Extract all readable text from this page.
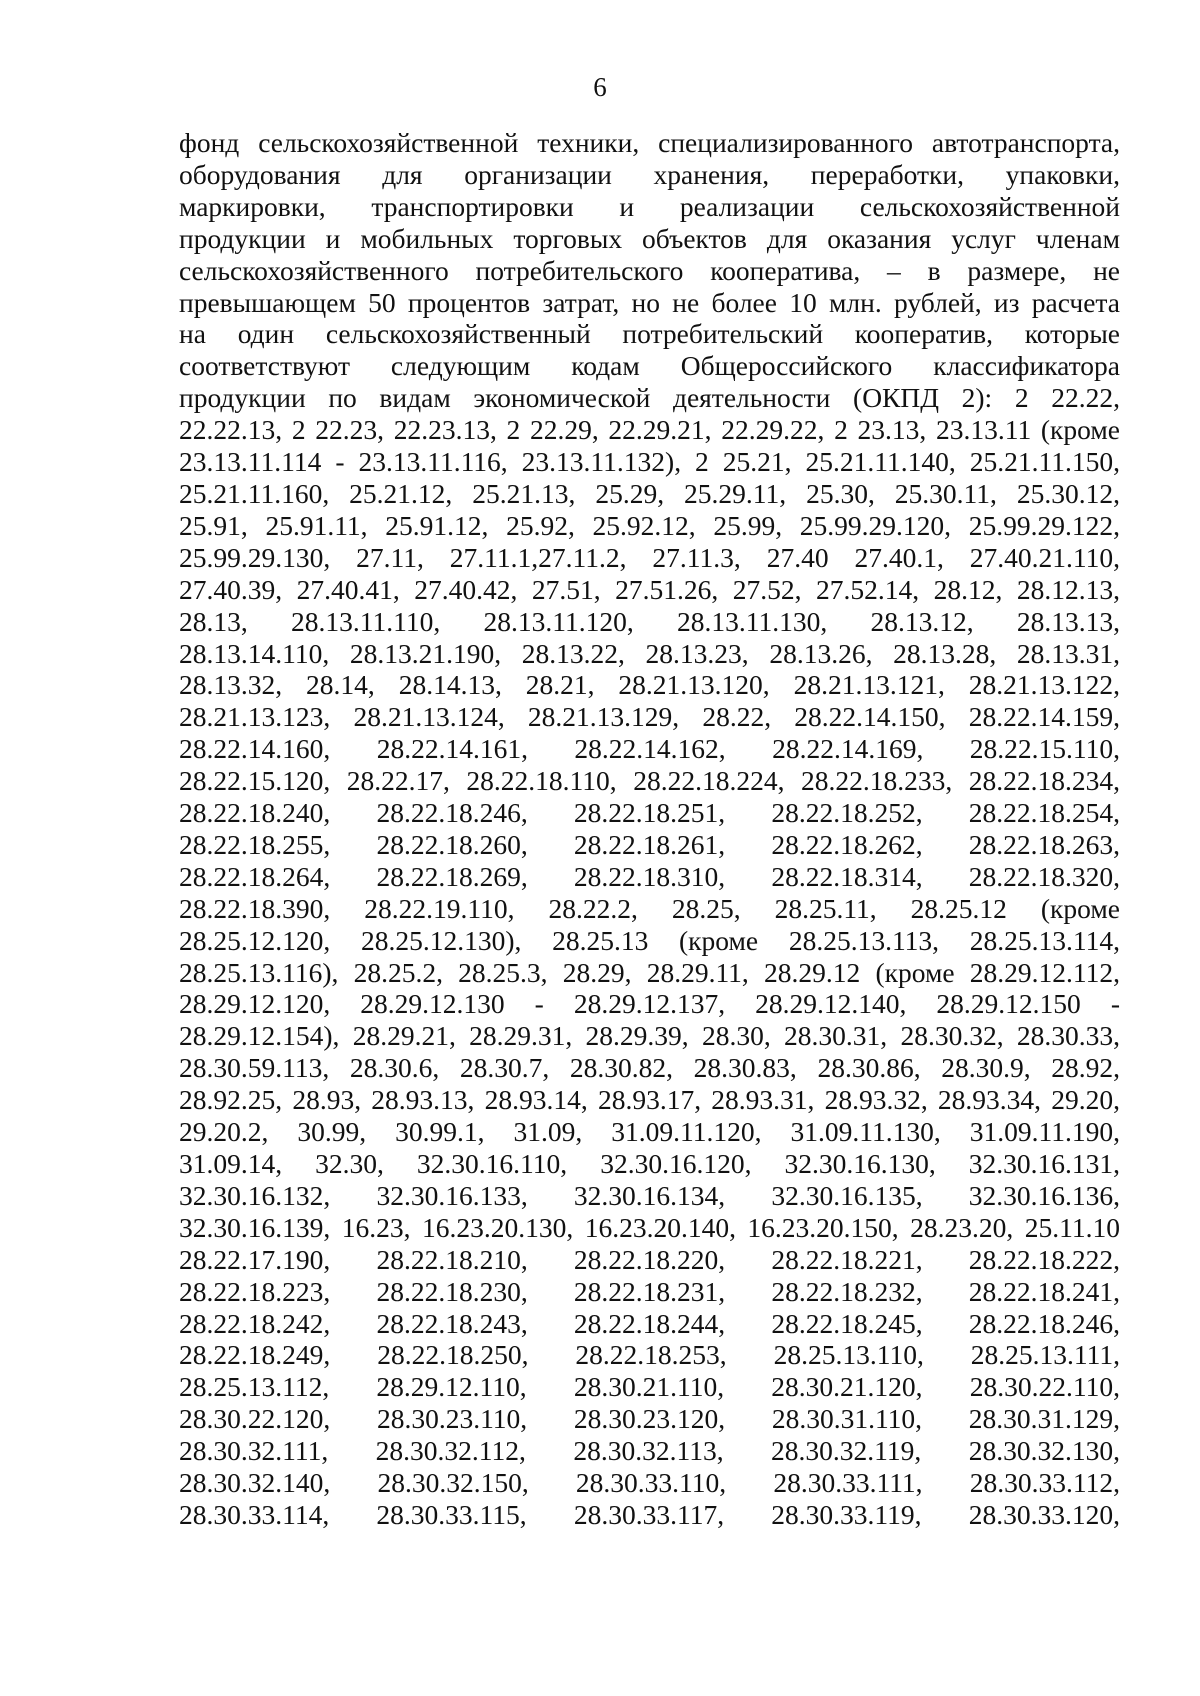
6
фонд сельскохозяйственной техники, специализированного автотранспорта,
оборудования для организации хранения, переработки, упаковки,
маркировки, транспортировки и реализации сельскохозяйственной
продукции и мобильных торговых объектов для оказания услуг членам
сельскохозяйственного потребительского кооператива, – в размере, не
превышающем 50 процентов затрат, но не более 10 млн. рублей, из расчета
на один сельскохозяйственный потребительский кооператив, которые
соответствуют следующим кодам Общероссийского классификатора
продукции по видам экономической деятельности (ОКПД 2): 2 22.22,
22.22.13, 2 22.23, 22.23.13, 2 22.29, 22.29.21, 22.29.22, 2 23.13, 23.13.11 (кроме
23.13.11.114 - 23.13.11.116, 23.13.11.132), 2 25.21, 25.21.11.140, 25.21.11.150,
25.21.11.160, 25.21.12, 25.21.13, 25.29, 25.29.11, 25.30, 25.30.11, 25.30.12,
25.91, 25.91.11, 25.91.12, 25.92, 25.92.12, 25.99, 25.99.29.120, 25.99.29.122,
25.99.29.130, 27.11, 27.11.1,27.11.2, 27.11.3, 27.40 27.40.1, 27.40.21.110,
27.40.39, 27.40.41, 27.40.42, 27.51, 27.51.26, 27.52, 27.52.14, 28.12, 28.12.13,
28.13, 28.13.11.110, 28.13.11.120, 28.13.11.130, 28.13.12, 28.13.13,
28.13.14.110, 28.13.21.190, 28.13.22, 28.13.23, 28.13.26, 28.13.28, 28.13.31,
28.13.32, 28.14, 28.14.13, 28.21, 28.21.13.120, 28.21.13.121, 28.21.13.122,
28.21.13.123, 28.21.13.124, 28.21.13.129, 28.22, 28.22.14.150, 28.22.14.159,
28.22.14.160, 28.22.14.161, 28.22.14.162, 28.22.14.169, 28.22.15.110,
28.22.15.120, 28.22.17, 28.22.18.110, 28.22.18.224, 28.22.18.233, 28.22.18.234,
28.22.18.240, 28.22.18.246, 28.22.18.251, 28.22.18.252, 28.22.18.254,
28.22.18.255, 28.22.18.260, 28.22.18.261, 28.22.18.262, 28.22.18.263,
28.22.18.264, 28.22.18.269, 28.22.18.310, 28.22.18.314, 28.22.18.320,
28.22.18.390, 28.22.19.110, 28.22.2, 28.25, 28.25.11, 28.25.12 (кроме
28.25.12.120, 28.25.12.130), 28.25.13 (кроме 28.25.13.113, 28.25.13.114,
28.25.13.116), 28.25.2, 28.25.3, 28.29, 28.29.11, 28.29.12 (кроме 28.29.12.112,
28.29.12.120, 28.29.12.130 - 28.29.12.137, 28.29.12.140, 28.29.12.150 -
28.29.12.154), 28.29.21, 28.29.31, 28.29.39, 28.30, 28.30.31, 28.30.32, 28.30.33,
28.30.59.113, 28.30.6, 28.30.7, 28.30.82, 28.30.83, 28.30.86, 28.30.9, 28.92,
28.92.25, 28.93, 28.93.13, 28.93.14, 28.93.17, 28.93.31, 28.93.32, 28.93.34, 29.20,
29.20.2, 30.99, 30.99.1, 31.09, 31.09.11.120, 31.09.11.130, 31.09.11.190,
31.09.14, 32.30, 32.30.16.110, 32.30.16.120, 32.30.16.130, 32.30.16.131,
32.30.16.132, 32.30.16.133, 32.30.16.134, 32.30.16.135, 32.30.16.136,
32.30.16.139, 16.23, 16.23.20.130, 16.23.20.140, 16.23.20.150, 28.23.20, 25.11.10
28.22.17.190, 28.22.18.210, 28.22.18.220, 28.22.18.221, 28.22.18.222,
28.22.18.223, 28.22.18.230, 28.22.18.231, 28.22.18.232, 28.22.18.241,
28.22.18.242, 28.22.18.243, 28.22.18.244, 28.22.18.245, 28.22.18.246,
28.22.18.249, 28.22.18.250, 28.22.18.253, 28.25.13.110, 28.25.13.111,
28.25.13.112, 28.29.12.110, 28.30.21.110, 28.30.21.120, 28.30.22.110,
28.30.22.120, 28.30.23.110, 28.30.23.120, 28.30.31.110, 28.30.31.129,
28.30.32.111, 28.30.32.112, 28.30.32.113, 28.30.32.119, 28.30.32.130,
28.30.32.140, 28.30.32.150, 28.30.33.110, 28.30.33.111, 28.30.33.112,
28.30.33.114, 28.30.33.115, 28.30.33.117, 28.30.33.119, 28.30.33.120,
